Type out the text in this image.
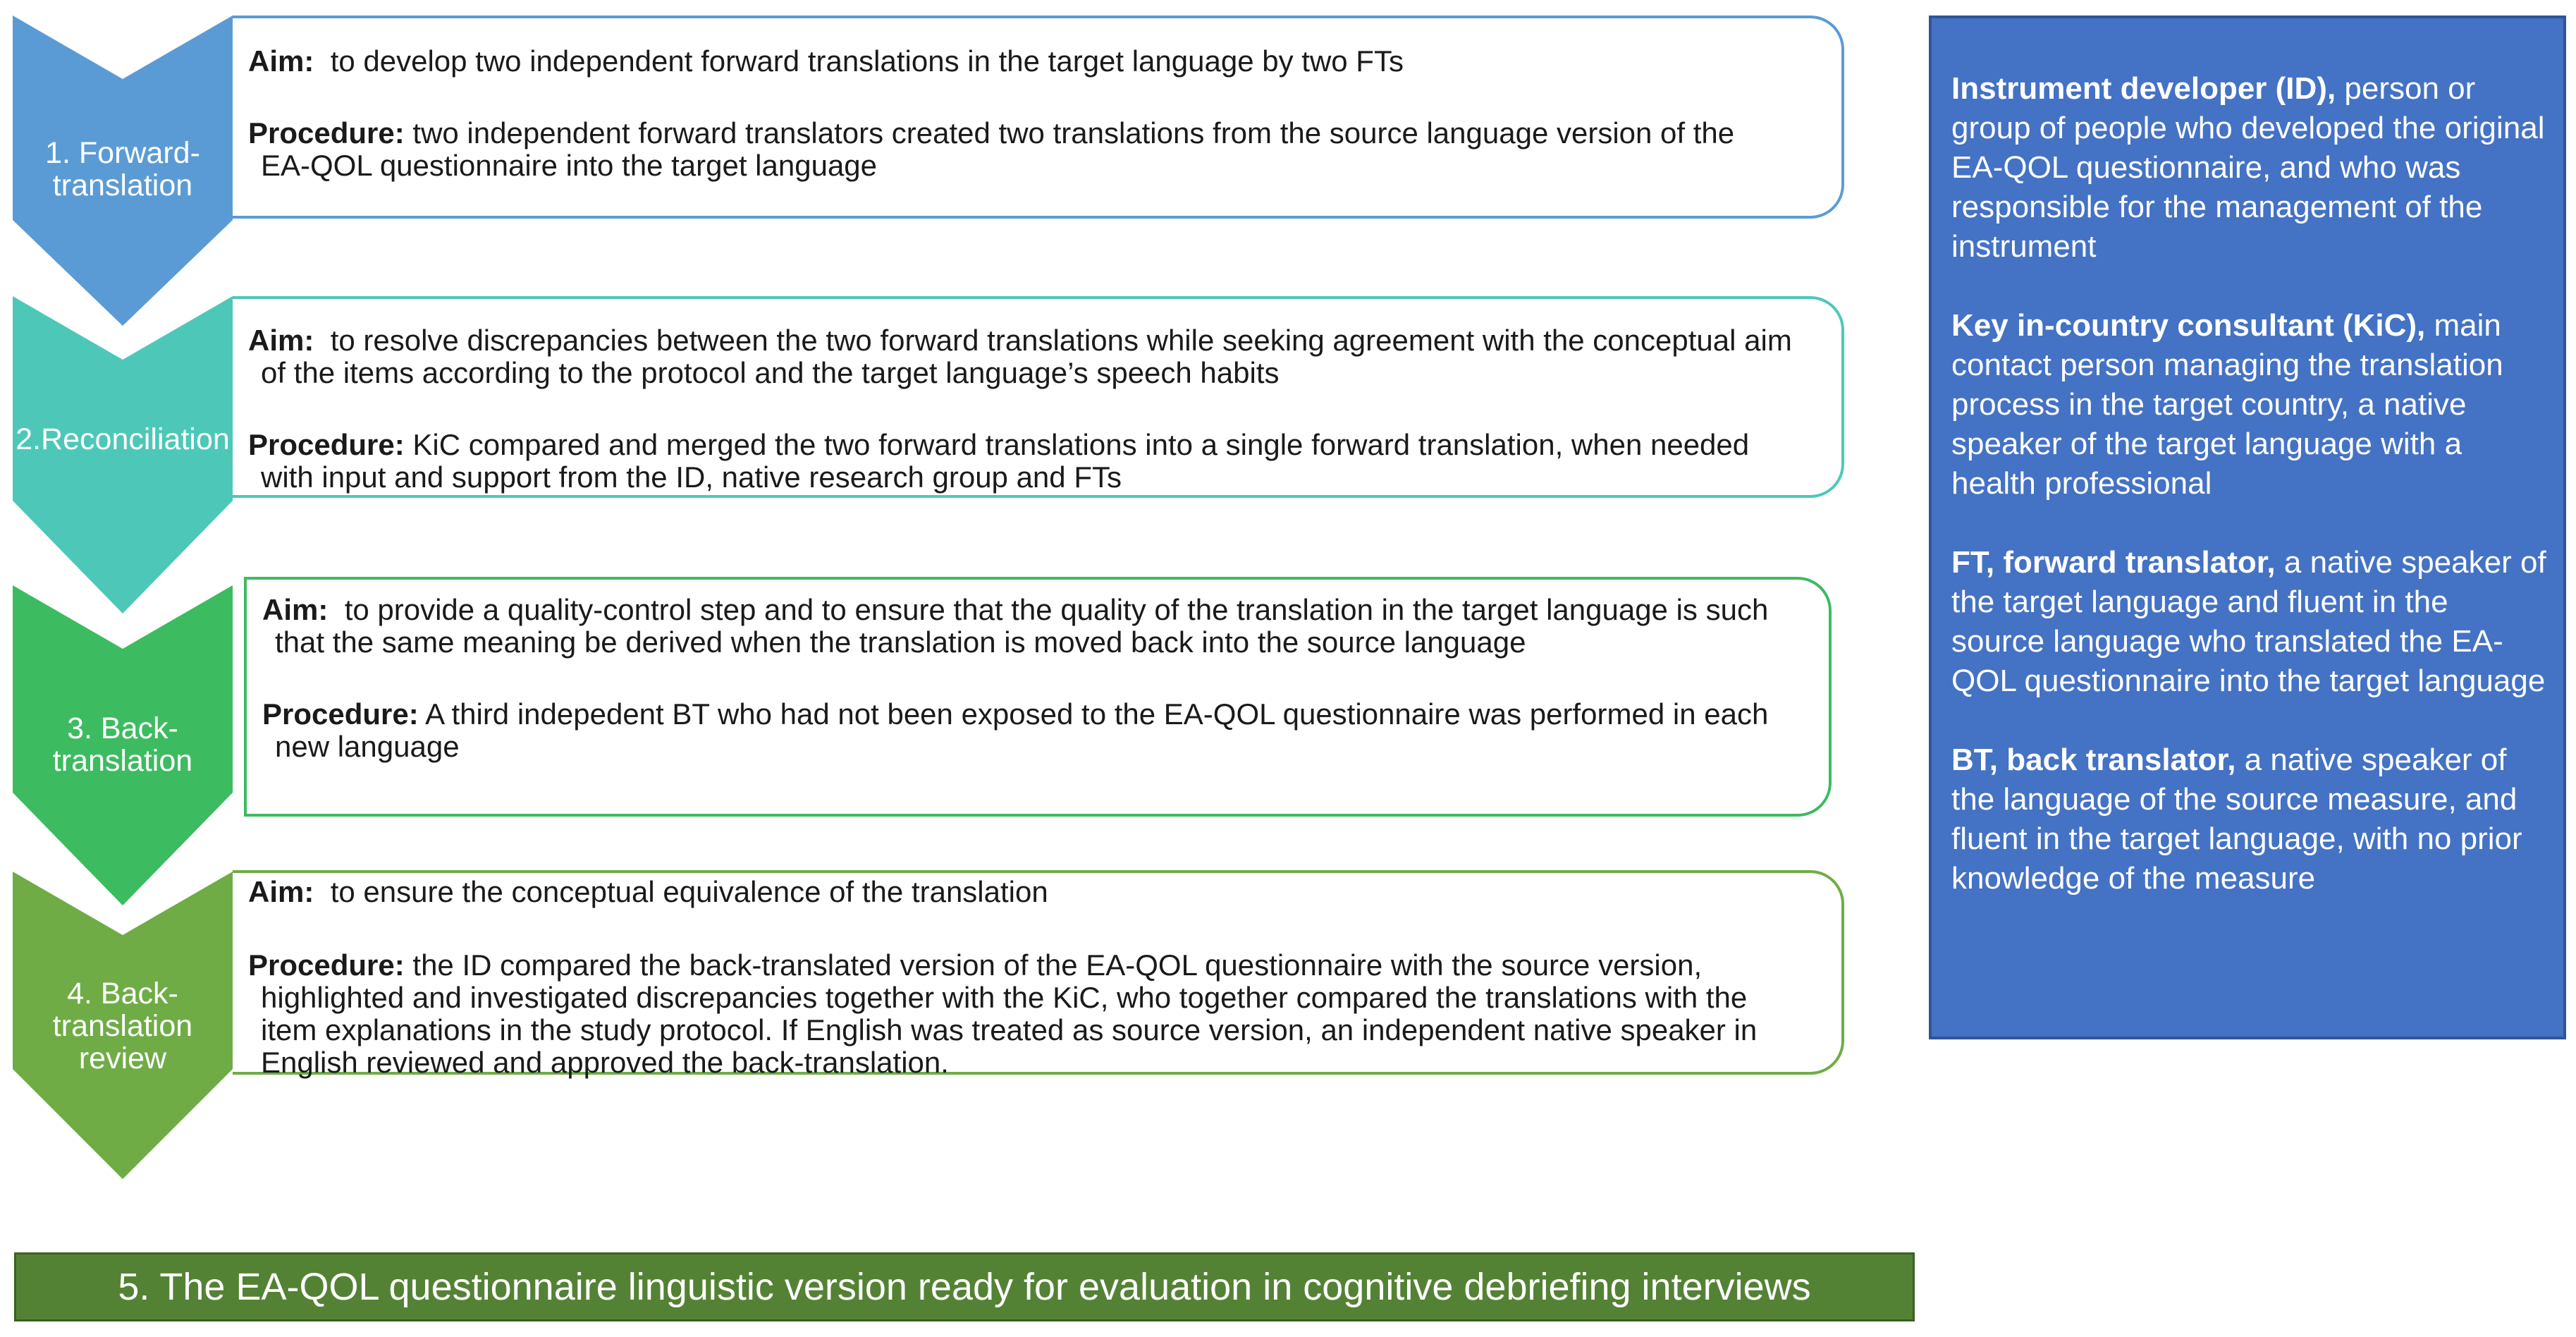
1. Forward-translation
Aim: to develop two independent forward translations in the target language by two FTs
Procedure: two independent forward translators created two translations from the source language version of the
EA-QOL questionnaire into the target language
2.Reconciliation
Aim: to resolve discrepancies between the two forward translations while seeking agreement with the conceptual aim
of the items according to the protocol and the target language’s speech habits
Procedure: KiC compared and merged the two forward translations into a single forward translation, when needed
with input and support from the ID, native research group and FTs
3. Back-translation
Aim: to provide a quality-control step and to ensure that the quality of the translation in the target language is such
that the same meaning be derived when the translation is moved back into the source language
Procedure: A third indepedent BT who had not been exposed to the EA-QOL questionnaire was performed in each
new language
4. Back-translation review
Aim: to ensure the conceptual equivalence of the translation
Procedure: the ID compared the back-translated version of the EA-QOL questionnaire with the source version,
highlighted and investigated discrepancies together with the KiC, who together compared the translations with the
item explanations in the study protocol. If English was treated as source version, an independent native speaker in
English reviewed and approved the back-translation.
5. The EA-QOL questionnaire linguistic version ready for evaluation in cognitive debriefing interviews
Instrument developer (ID), person or group of people who developed the original EA-QOL questionnaire, and who was responsible for the management of the instrument
Key in-country consultant (KiC), main contact person managing the translation process in the target country, a native speaker of the target language with a health professional
FT, forward translator, a native speaker of the target language and fluent in the source language who translated the EA-QOL questionnaire into the target language
BT, back translator, a native speaker of the language of the source measure, and fluent in the target language, with no prior knowledge of the measure
